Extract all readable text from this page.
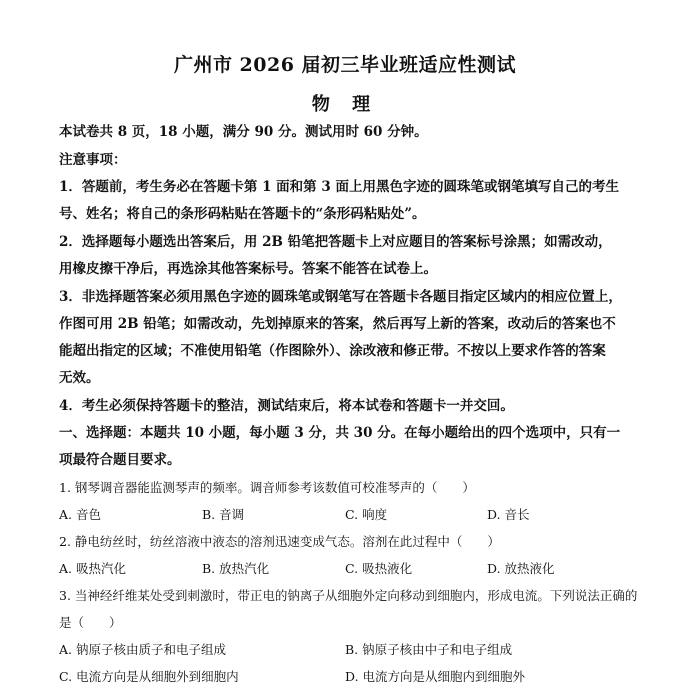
广州市 2026 届初三毕业班适应性测试
物 理
本试卷共 8 页，18 小题，满分 90 分。测试用时 60 分钟。
注意事项：
1．答题前，考生务必在答题卡第 1 面和第 3 面上用黑色字迹的圆珠笔或钢笔填写自己的考生
号、姓名；将自己的条形码粘贴在答题卡的“条形码粘贴处”。
2．选择题每小题选出答案后，用 2B 铅笔把答题卡上对应题目的答案标号涂黑；如需改动，
用橡皮擦干净后，再选涂其他答案标号。答案不能答在试卷上。
3．非选择题答案必须用黑色字迹的圆珠笔或钢笔写在答题卡各题目指定区域内的相应位置上，
作图可用 2B 铅笔；如需改动，先划掉原来的答案，然后再写上新的答案，改动后的答案也不
能超出指定的区域；不准使用铅笔（作图除外）、涂改液和修正带。不按以上要求作答的答案
无效。
4．考生必须保持答题卡的整洁，测试结束后，将本试卷和答题卡一并交回。
一、选择题：本题共 10 小题，每小题 3 分，共 30 分。在每小题给出的四个选项中，只有一
项最符合题目要求。
1. 钢琴调音器能监测琴声的频率。调音师参考该数值可校准琴声的（　　）
A. 音色	B. 音调	C. 响度	D. 音长
2. 静电纺丝时，纺丝溶液中液态的溶剂迅速变成气态。溶剂在此过程中（　　）
A. 吸热汽化	B. 放热汽化	C. 吸热液化	D. 放热液化
3. 当神经纤维某处受到刺激时，带正电的钠离子从细胞外定向移动到细胞内，形成电流。下列说法正确的
是（　　）
A. 钠原子核由质子和电子组成	B. 钠原子核由中子和电子组成
C. 电流方向是从细胞外到细胞内	D. 电流方向是从细胞内到细胞外
